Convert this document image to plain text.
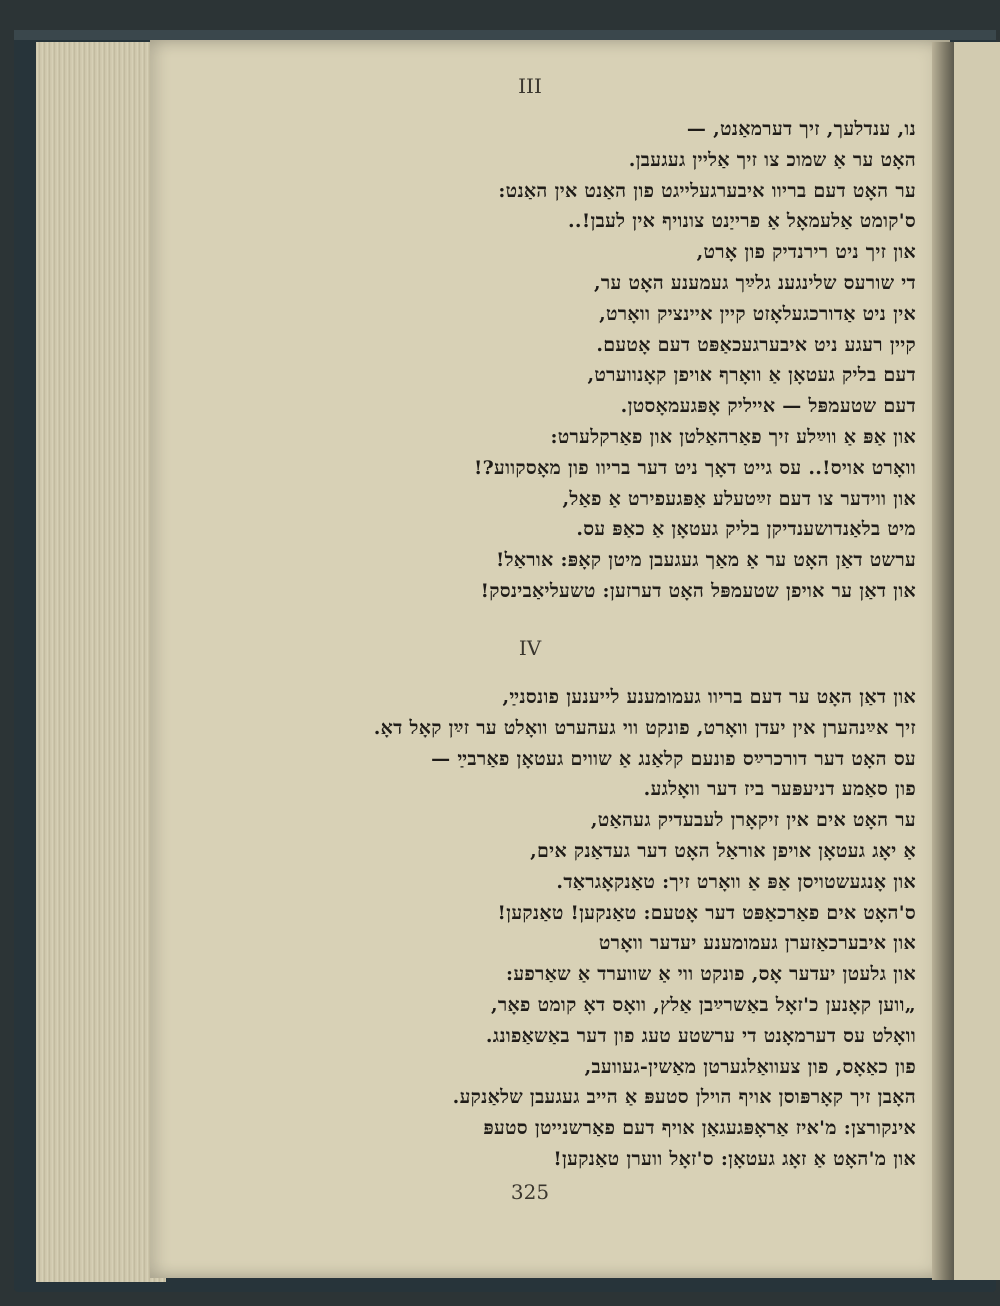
III
נו, ענדלעך, זיך דערמאַנט, —
האָט ער אַ שמוכ צו זיך אַליין געגעבן.
ער האָט דעם בריוו איבערגעלייגט פון האַנט אין האַנט:
ס'קומט אַלעמאָל אַ פרייַנט צונויף אין לעבן!..
און זיך ניט רירנדיק פון אָרט,
די שורעס שלינגענ גלײַך געמענע האָט ער,
אין ניט אַדורכגעלאָזט קיין איינציק וואָרט,
קיין רעגע ניט איבערגעכאַפּט דעם אָטעם.
דעם בליק געטאָן אַ וואָרף אויפן קאָנווערט,
דעם שטעמפּל — אייליק אָפּגעמאָסטן.
און אַפּ אַ ווײַלע זיך פאַרהאַלטן און פאַרקלערט:
וואָרט אויס!.. עס גייט דאָך ניט דער בריוו פון מאָסקווע?!
און ווידער צו דעם זײַטעלע אַפּגעפירט אַ פאַל,
מיט בלאַנדושענדיקן בליק געטאָן אַ כאַפּ עס.
ערשט דאַן האָט ער אַ מאַך געגעבן מיטן קאָפּ: אוראַל!
און דאַן ער אויפן שטעמפּל האָט דערזען: טשעליאַבינסק!
IV
און דאַן האָט ער דעם בריוו געמומענע לייענען פונסנײַ,
זיך אײַנהערן אין יעדן וואָרט, פונקט ווי געהערט וואָלט ער זײַן קאָל דאָ.
עס האָט דער דורכרײַס פונעם קלאַנג אַ שווים געטאָן פאַרבײַ —
פון סאַמע דניעפּער ביז דער וואָלגע.
ער האָט אים אין זיקאָרן לעבעדיק געהאַט,
אַ יאָג געטאָן אויפן אוראַל האָט דער געדאַנק אים,
און אָנגעשטויסן אַפּ אַ וואָרט זיך: טאַנקאָגראַד.
ס'האָט אים פאַרכאַפּט דער אָטעם: טאַנקען! טאַנקען!
און איבערכאַזערן געמומענע יעדער וואָרט
און גלעטן יעדער אָס, פונקט ווי אַ שווערד אַ שאַרפע:
„ווען קאָנען כ'זאָל באַשרײַבן אַלץ, וואָס דאָ קומט פאָר,
וואָלט עס דערמאָנט די ערשטע טעג פון דער באַשאַפונג.
פון כאַאָס, פון צעוואַלגערטן מאַשין-געוועב,
האָבן זיך קאָרפּוסן אויף הוילן סטעפּ אַ הייב געגעבן שלאַנקע.
אינקורצן: מ'איז אַראָפּגעגאַן אויף דעם פאַרשנייטן סטעפּ
און מ'האָט אַ זאָג געטאָן: ס'זאָל ווערן טאַנקען!
325
